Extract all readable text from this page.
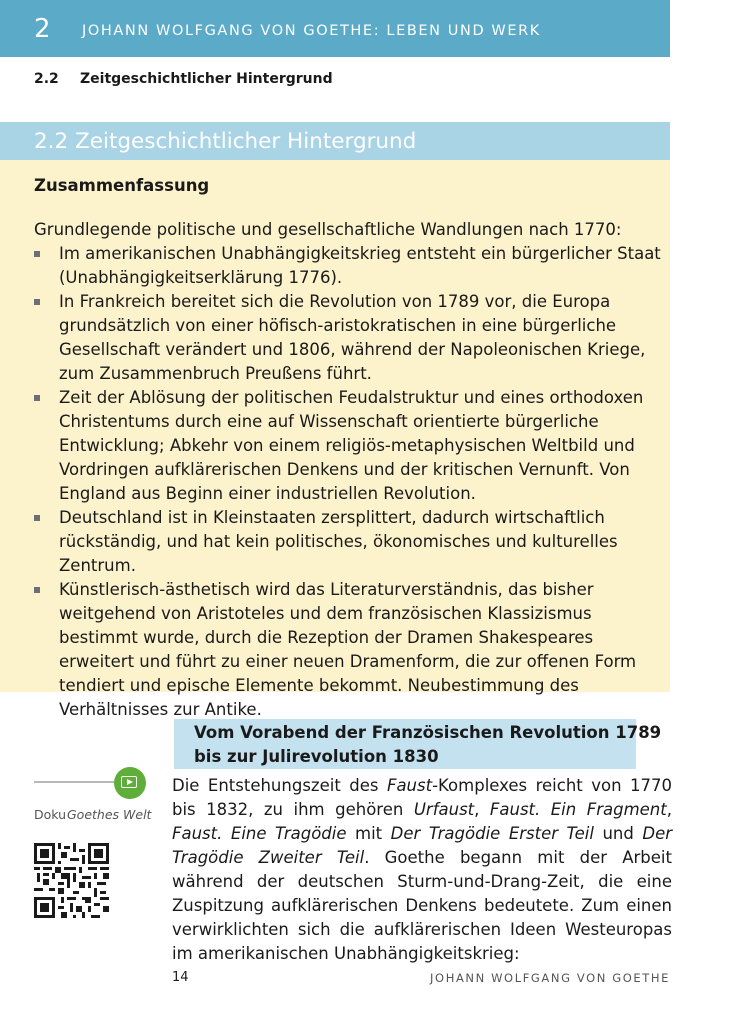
2 JOHANN WOLFGANG VON GOETHE: LEBEN UND WERK
2.2 Zeitgeschichtlicher Hintergrund
2.2 Zeitgeschichtlicher Hintergrund
Zusammenfassung

Grundlegende politische und gesellschaftliche Wandlungen nach 1770:

Im amerikanischen Unabhängigkeitskrieg entsteht ein bürgerlicher Staat (Unabhängigkeitserklärung 1776).
In Frankreich bereitet sich die Revolution von 1789 vor, die Europa grundsätzlich von einer höfisch-aristokratischen in eine bürgerliche Gesellschaft verändert und 1806, während der Napoleonischen Kriege, zum Zusammenbruch Preußens führt.
Zeit der Ablösung der politischen Feudalstruktur und eines orthodoxen Christentums durch eine auf Wissenschaft orientierte bürgerliche Entwicklung; Abkehr von einem religiös-metaphysischen Weltbild und Vordringen aufklärerischen Denkens und der kritischen Vernunft. Von England aus Beginn einer industriellen Revolution.
Deutschland ist in Kleinstaaten zersplittert, dadurch wirtschaftlich rückständig, und hat kein politisches, ökonomisches und kulturelles Zentrum.
Künstlerisch-ästhetisch wird das Literaturverständnis, das bisher weitgehend von Aristoteles und dem französischen Klassizismus bestimmt wurde, durch die Rezeption der Dramen Shakespeares erweitert und führt zu einer neuen Dramenform, die zur offenen Form tendiert und epische Elemente bekommt. Neubestimmung des Verhältnisses zur Antike.
Vom Vorabend der Französischen Revolution 1789
bis zur Julirevolution 1830
Doku Goethes Welt

Die Entstehungszeit des Faust-Komplexes reicht von 1770 bis 1832, zu ihm gehören Urfaust, Faust. Ein Fragment, Faust. Eine Tragödie mit Der Tragödie Erster Teil und Der Tragödie Zweiter Teil. Goethe begann mit der Arbeit während der deutschen Sturm-und-Drang-Zeit, die eine Zuspitzung aufklärerischen Denkens bedeutete. Zum einen verwirklichten sich die aufklärerischen Ideen Westeuropas im amerikanischen Unabhängigkeitskrieg:

14	JOHANN WOLFGANG VON GOETHE
